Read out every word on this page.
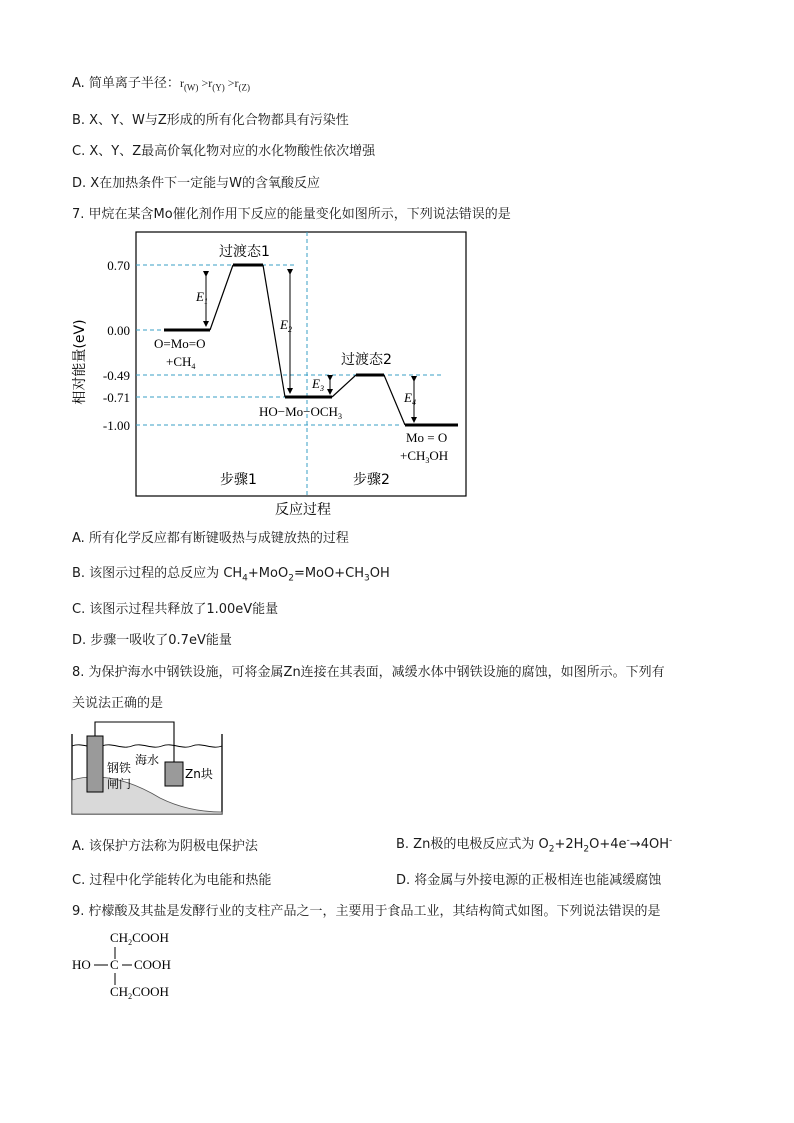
A. 简单离子半径：$r_{(W)} >r_{(Y)} >r_{(Z)}$
B. X、Y、W与Z形成的所有化合物都具有污染性
C. X、Y、Z最高价氧化物对应的水化物酸性依次增强
D. X在加热条件下一定能与W的含氧酸反应
7. 甲烷在某含Mo催化剂作用下反应的能量变化如图所示，下列说法错误的是
$E_1$
$E_2$
$E_3$
$E_4$
过渡态1
过渡态2
0.70
0.00
-0.49
-0.71
-1.00
相对能量(eV)	O=Mo=O
$+CH_4$
$HO-Mo-OCH_3$
Mo = O
$+CH_3OH$
步骤1	步骤2
反应过程
A. 所有化学反应都有断键吸热与成键放热的过程
B. 该图示过程的总反应为 $CH_4+MoO_2=MoO+CH_3OH$
C. 该图示过程共释放了1.00eV能量
D. 步骤一吸收了0.7eV能量
8. 为保护海水中钢铁设施，可将金属Zn连接在其表面，减缓水体中钢铁设施的腐蚀，如图所示。下列有
关说法正确的是
钢铁
闸门
海水
Zn块
A. 该保护方法称为阴极电保护法	B. Zn极的电极反应式为 $O_2+2H_2O+4e^-\to 4OH^-$
C. 过程中化学能转化为电能和热能	D. 将金属与外接电源的正极相连也能减缓腐蚀
9. 柠檬酸及其盐是发酵行业的支柱产品之一，主要用于食品工业，其结构简式如图。下列说法错误的是
$CH_2COOH$
HO C COOH
$CH_2COOH$
